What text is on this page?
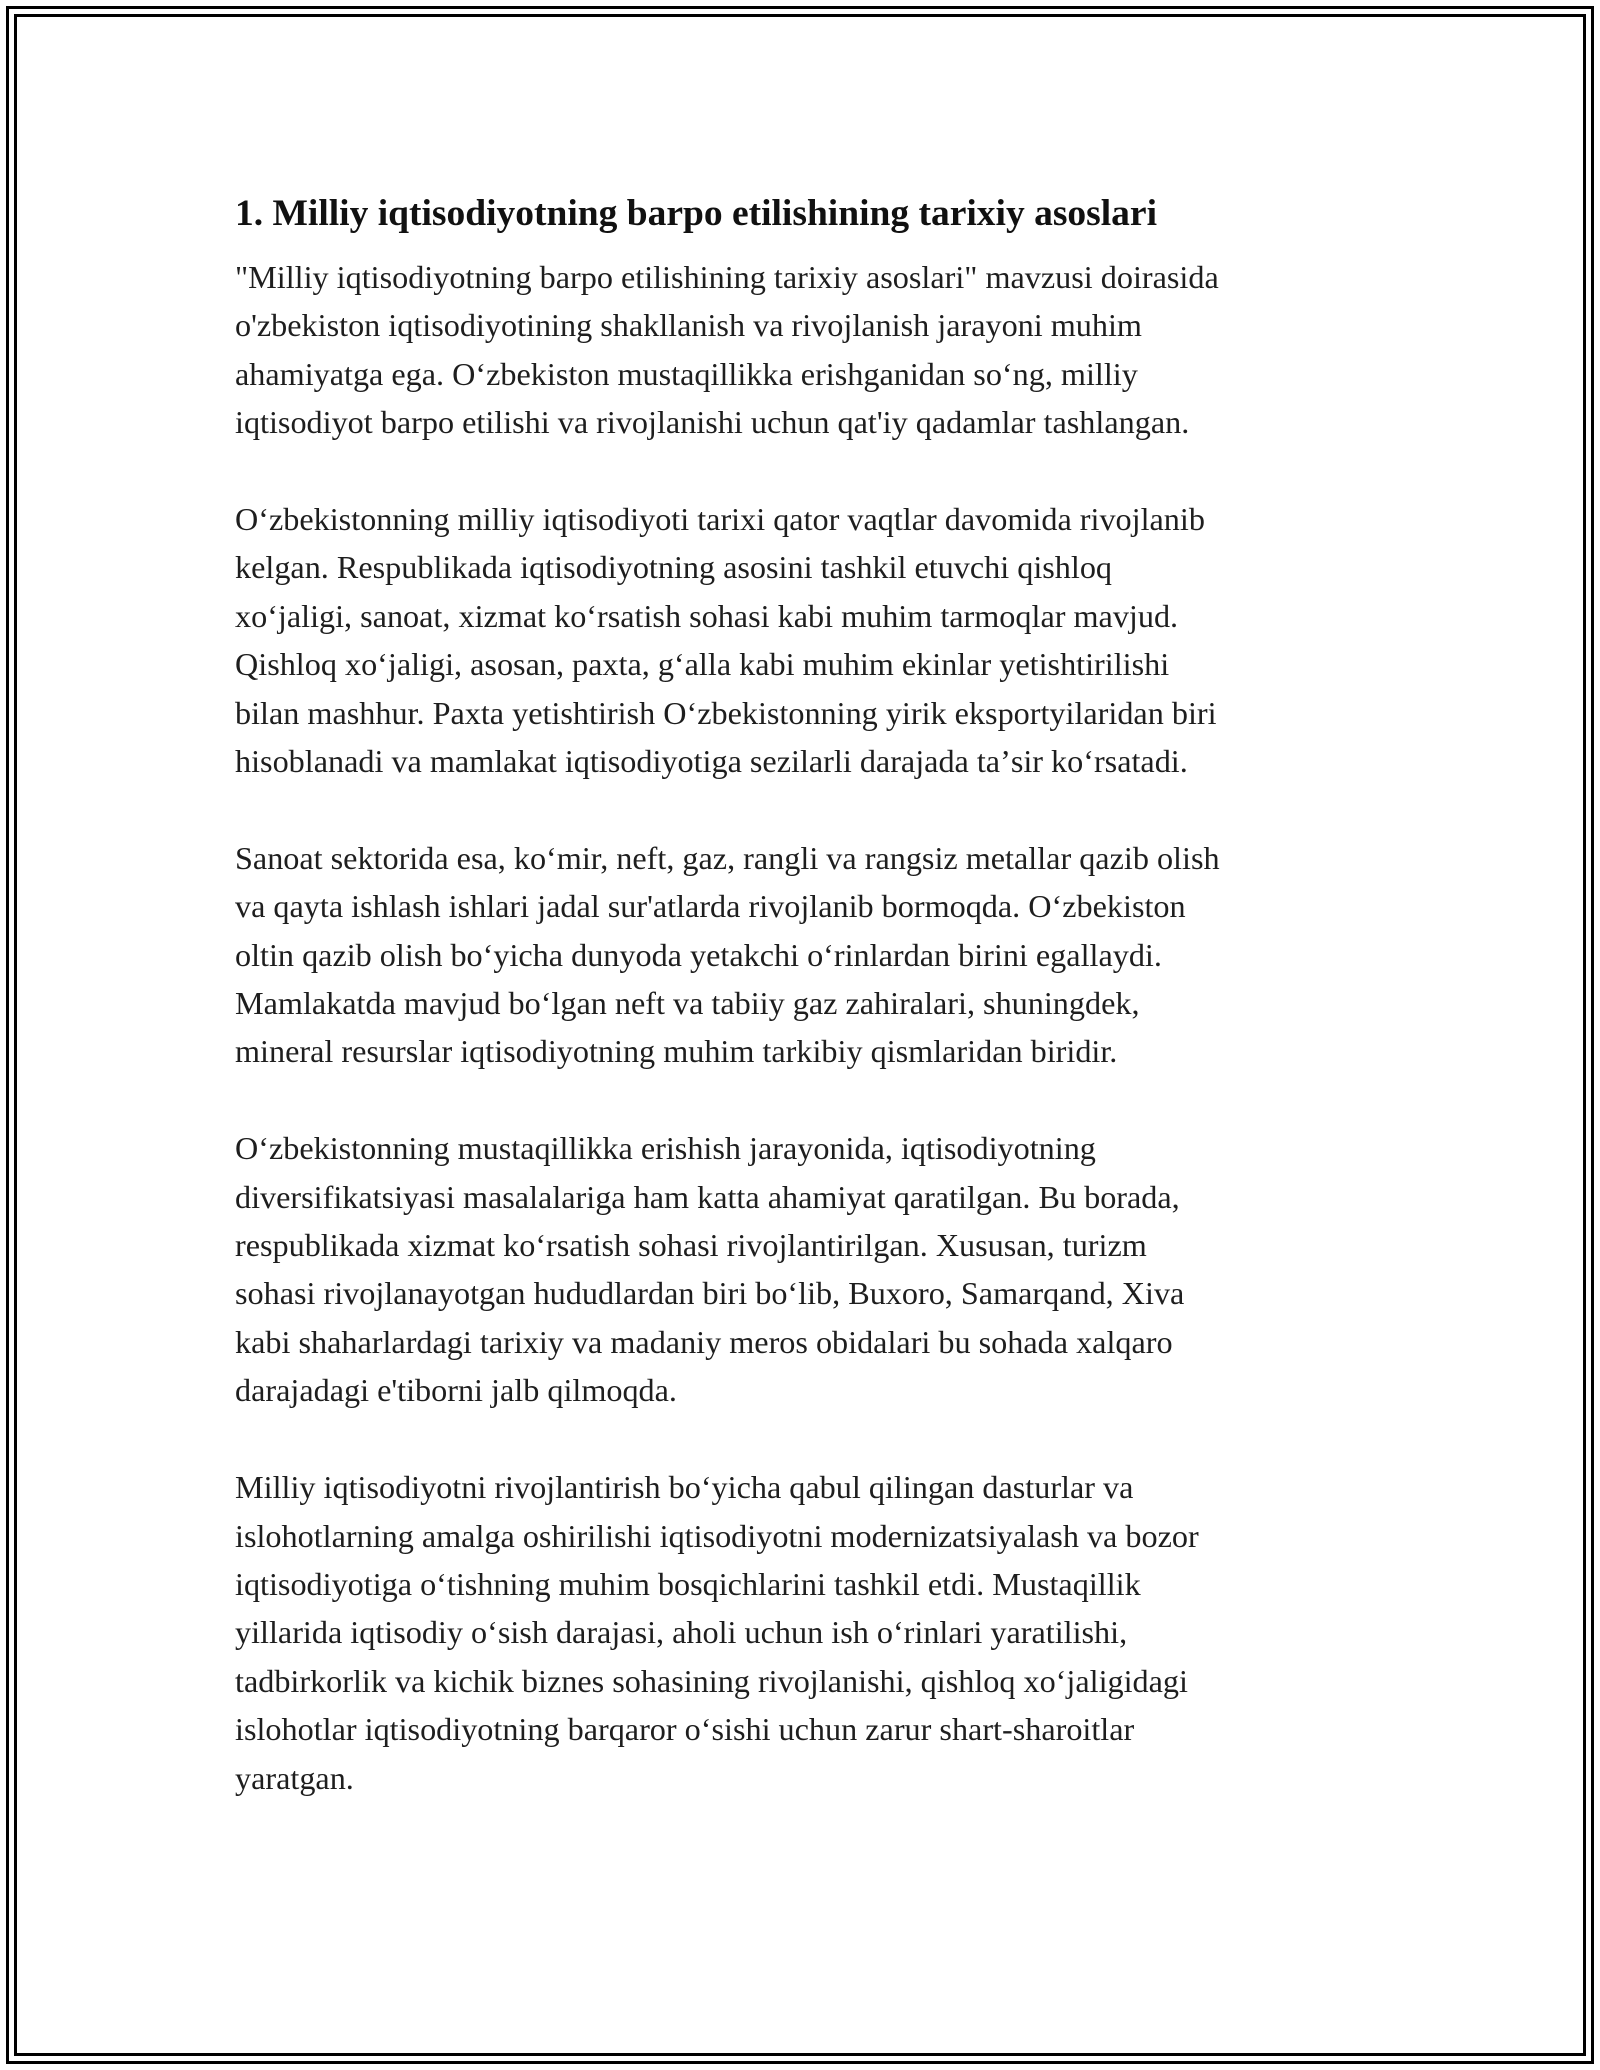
1. Milliy iqtisodiyotning barpo etilishining tarixiy asoslari

"Milliy iqtisodiyotning barpo etilishining tarixiy asoslari" mavzusi doirasida
o'zbekiston iqtisodiyotining shakllanish va rivojlanish jarayoni muhim
ahamiyatga ega. Oʻzbekiston mustaqillikka erishganidan soʻng, milliy
iqtisodiyot barpo etilishi va rivojlanishi uchun qat'iy qadamlar tashlangan.

Oʻzbekistonning milliy iqtisodiyoti tarixi qator vaqtlar davomida rivojlanib
kelgan. Respublikada iqtisodiyotning asosini tashkil etuvchi qishloq
xoʻjaligi, sanoat, xizmat koʻrsatish sohasi kabi muhim tarmoqlar mavjud.
Qishloq xoʻjaligi, asosan, paxta, gʻalla kabi muhim ekinlar yetishtirilishi
bilan mashhur. Paxta yetishtirish Oʻzbekistonning yirik eksportyilaridan biri
hisoblanadi va mamlakat iqtisodiyotiga sezilarli darajada taʼsir koʻrsatadi.

Sanoat sektorida esa, koʻmir, neft, gaz, rangli va rangsiz metallar qazib olish
va qayta ishlash ishlari jadal sur'atlarda rivojlanib bormoqda. Oʻzbekiston
oltin qazib olish boʻyicha dunyoda yetakchi oʻrinlardan birini egallaydi.
Mamlakatda mavjud boʻlgan neft va tabiiy gaz zahiralari, shuningdek,
mineral resurslar iqtisodiyotning muhim tarkibiy qismlaridan biridir.

Oʻzbekistonning mustaqillikka erishish jarayonida, iqtisodiyotning
diversifikatsiyasi masalalariga ham katta ahamiyat qaratilgan. Bu borada,
respublikada xizmat koʻrsatish sohasi rivojlantirilgan. Xususan, turizm
sohasi rivojlanayotgan hududlardan biri boʻlib, Buxoro, Samarqand, Xiva
kabi shaharlardagi tarixiy va madaniy meros obidalari bu sohada xalqaro
darajadagi e'tiborni jalb qilmoqda.

Milliy iqtisodiyotni rivojlantirish boʻyicha qabul qilingan dasturlar va
islohotlarning amalga oshirilishi iqtisodiyotni modernizatsiyalash va bozor
iqtisodiyotiga oʻtishning muhim bosqichlarini tashkil etdi. Mustaqillik
yillarida iqtisodiy oʻsish darajasi, aholi uchun ish oʻrinlari yaratilishi,
tadbirkorlik va kichik biznes sohasining rivojlanishi, qishloq xoʻjaligidagi
islohotlar iqtisodiyotning barqaror oʻsishi uchun zarur shart-sharoitlar
yaratgan.
